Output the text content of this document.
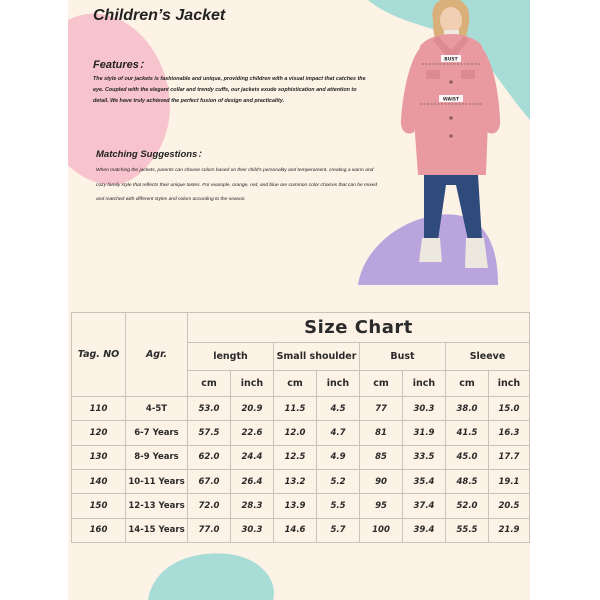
Children’s Jacket
Features：

The style of our jackets is fashionable and unique, providing children with a visual impact that catches the eye. Coupled with the elegant collar and trendy cuffs, our jackets exude sophistication and attention to detail. We have truly achieved the perfect fusion of design and practicality.

Matching Suggestions：

When matching the jackets, parents can choose colors based on their child's personality and temperament, creating a warm and cozy family style that reflects their unique tastes. For example, orange, red, and blue are common color choices that can be mixed and matched with different styles and colors according to the season.

BUST
WAIST
Tag. NO	Agr.	Size Chart							
		length		Small shoulder		Bust		Sleeve	
		cm	inch	cm	inch	cm	inch	cm	inch
110	4-5T	53.0	20.9	11.5	4.5	77	30.3	38.0	15.0
120	6-7 Years	57.5	22.6	12.0	4.7	81	31.9	41.5	16.3
130	8-9 Years	62.0	24.4	12.5	4.9	85	33.5	45.0	17.7
140	10-11 Years	67.0	26.4	13.2	5.2	90	35.4	48.5	19.1
150	12-13 Years	72.0	28.3	13.9	5.5	95	37.4	52.0	20.5
160	14-15 Years	77.0	30.3	14.6	5.7	100	39.4	55.5	21.9
